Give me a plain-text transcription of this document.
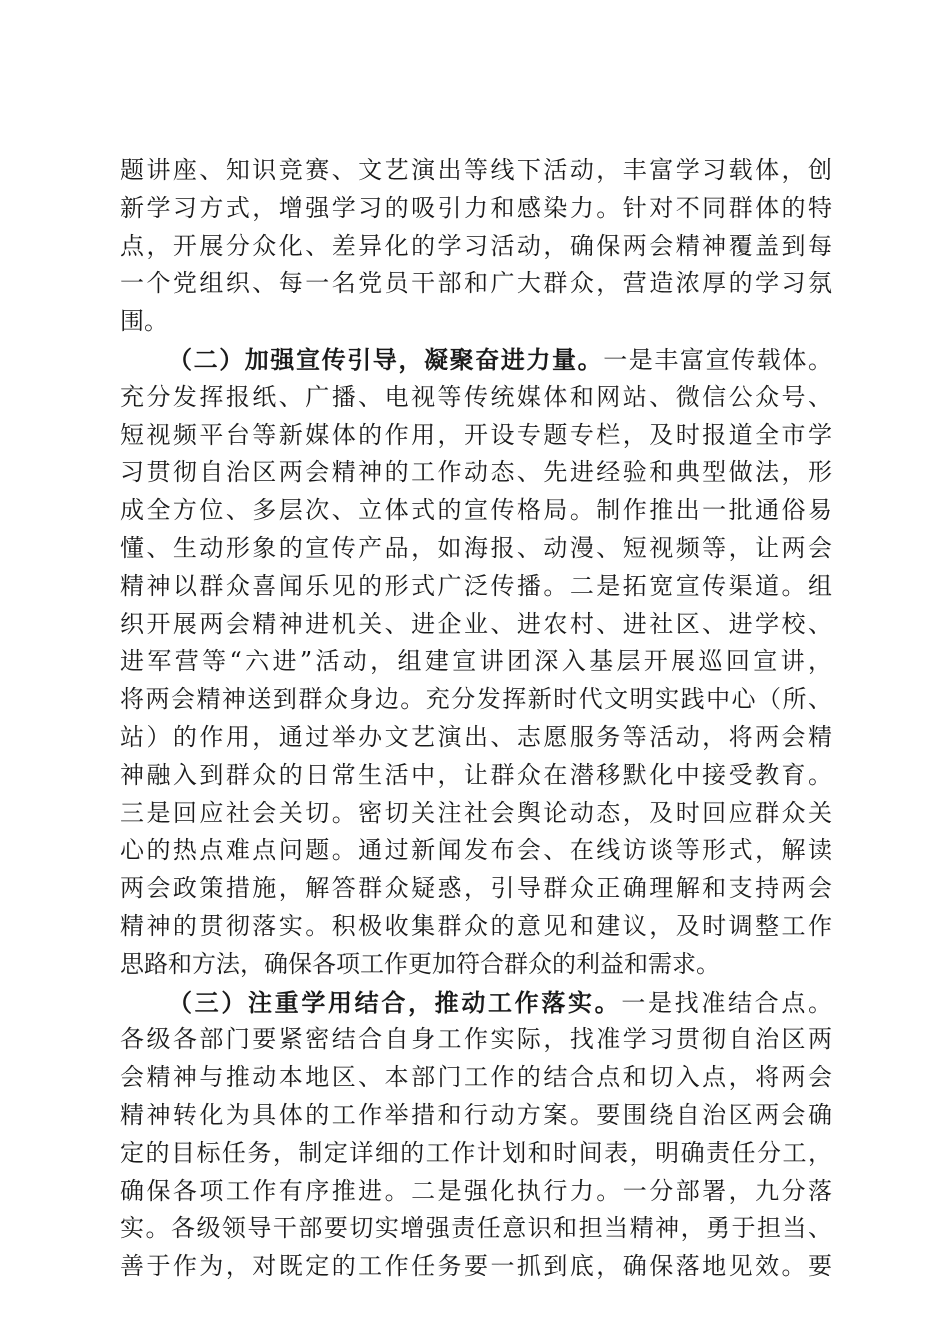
题讲座、知识竞赛、文艺演出等线下活动，丰富学习载体，创
新学习方式，增强学习的吸引力和感染力。针对不同群体的特
点，开展分众化、差异化的学习活动，确保两会精神覆盖到每
一个党组织、每一名党员干部和广大群众，营造浓厚的学习氛
围。
（二）加强宣传引导，凝聚奋进力量。一是丰富宣传载体。
充分发挥报纸、广播、电视等传统媒体和网站、微信公众号、
短视频平台等新媒体的作用，开设专题专栏，及时报道全市学
习贯彻自治区两会精神的工作动态、先进经验和典型做法，形
成全方位、多层次、立体式的宣传格局。制作推出一批通俗易
懂、生动形象的宣传产品，如海报、动漫、短视频等，让两会
精神以群众喜闻乐见的形式广泛传播。二是拓宽宣传渠道。组
织开展两会精神进机关、进企业、进农村、进社区、进学校、
进军营等“六进”活动，组建宣讲团深入基层开展巡回宣讲，
将两会精神送到群众身边。充分发挥新时代文明实践中心（所、
站）的作用，通过举办文艺演出、志愿服务等活动，将两会精
神融入到群众的日常生活中，让群众在潜移默化中接受教育。
三是回应社会关切。密切关注社会舆论动态，及时回应群众关
心的热点难点问题。通过新闻发布会、在线访谈等形式，解读
两会政策措施，解答群众疑惑，引导群众正确理解和支持两会
精神的贯彻落实。积极收集群众的意见和建议，及时调整工作
思路和方法，确保各项工作更加符合群众的利益和需求。
（三）注重学用结合，推动工作落实。一是找准结合点。
各级各部门要紧密结合自身工作实际，找准学习贯彻自治区两
会精神与推动本地区、本部门工作的结合点和切入点，将两会
精神转化为具体的工作举措和行动方案。要围绕自治区两会确
定的目标任务，制定详细的工作计划和时间表，明确责任分工，
确保各项工作有序推进。二是强化执行力。一分部署，九分落
实。各级领导干部要切实增强责任意识和担当精神，勇于担当、
善于作为，对既定的工作任务要一抓到底，确保落地见效。要
